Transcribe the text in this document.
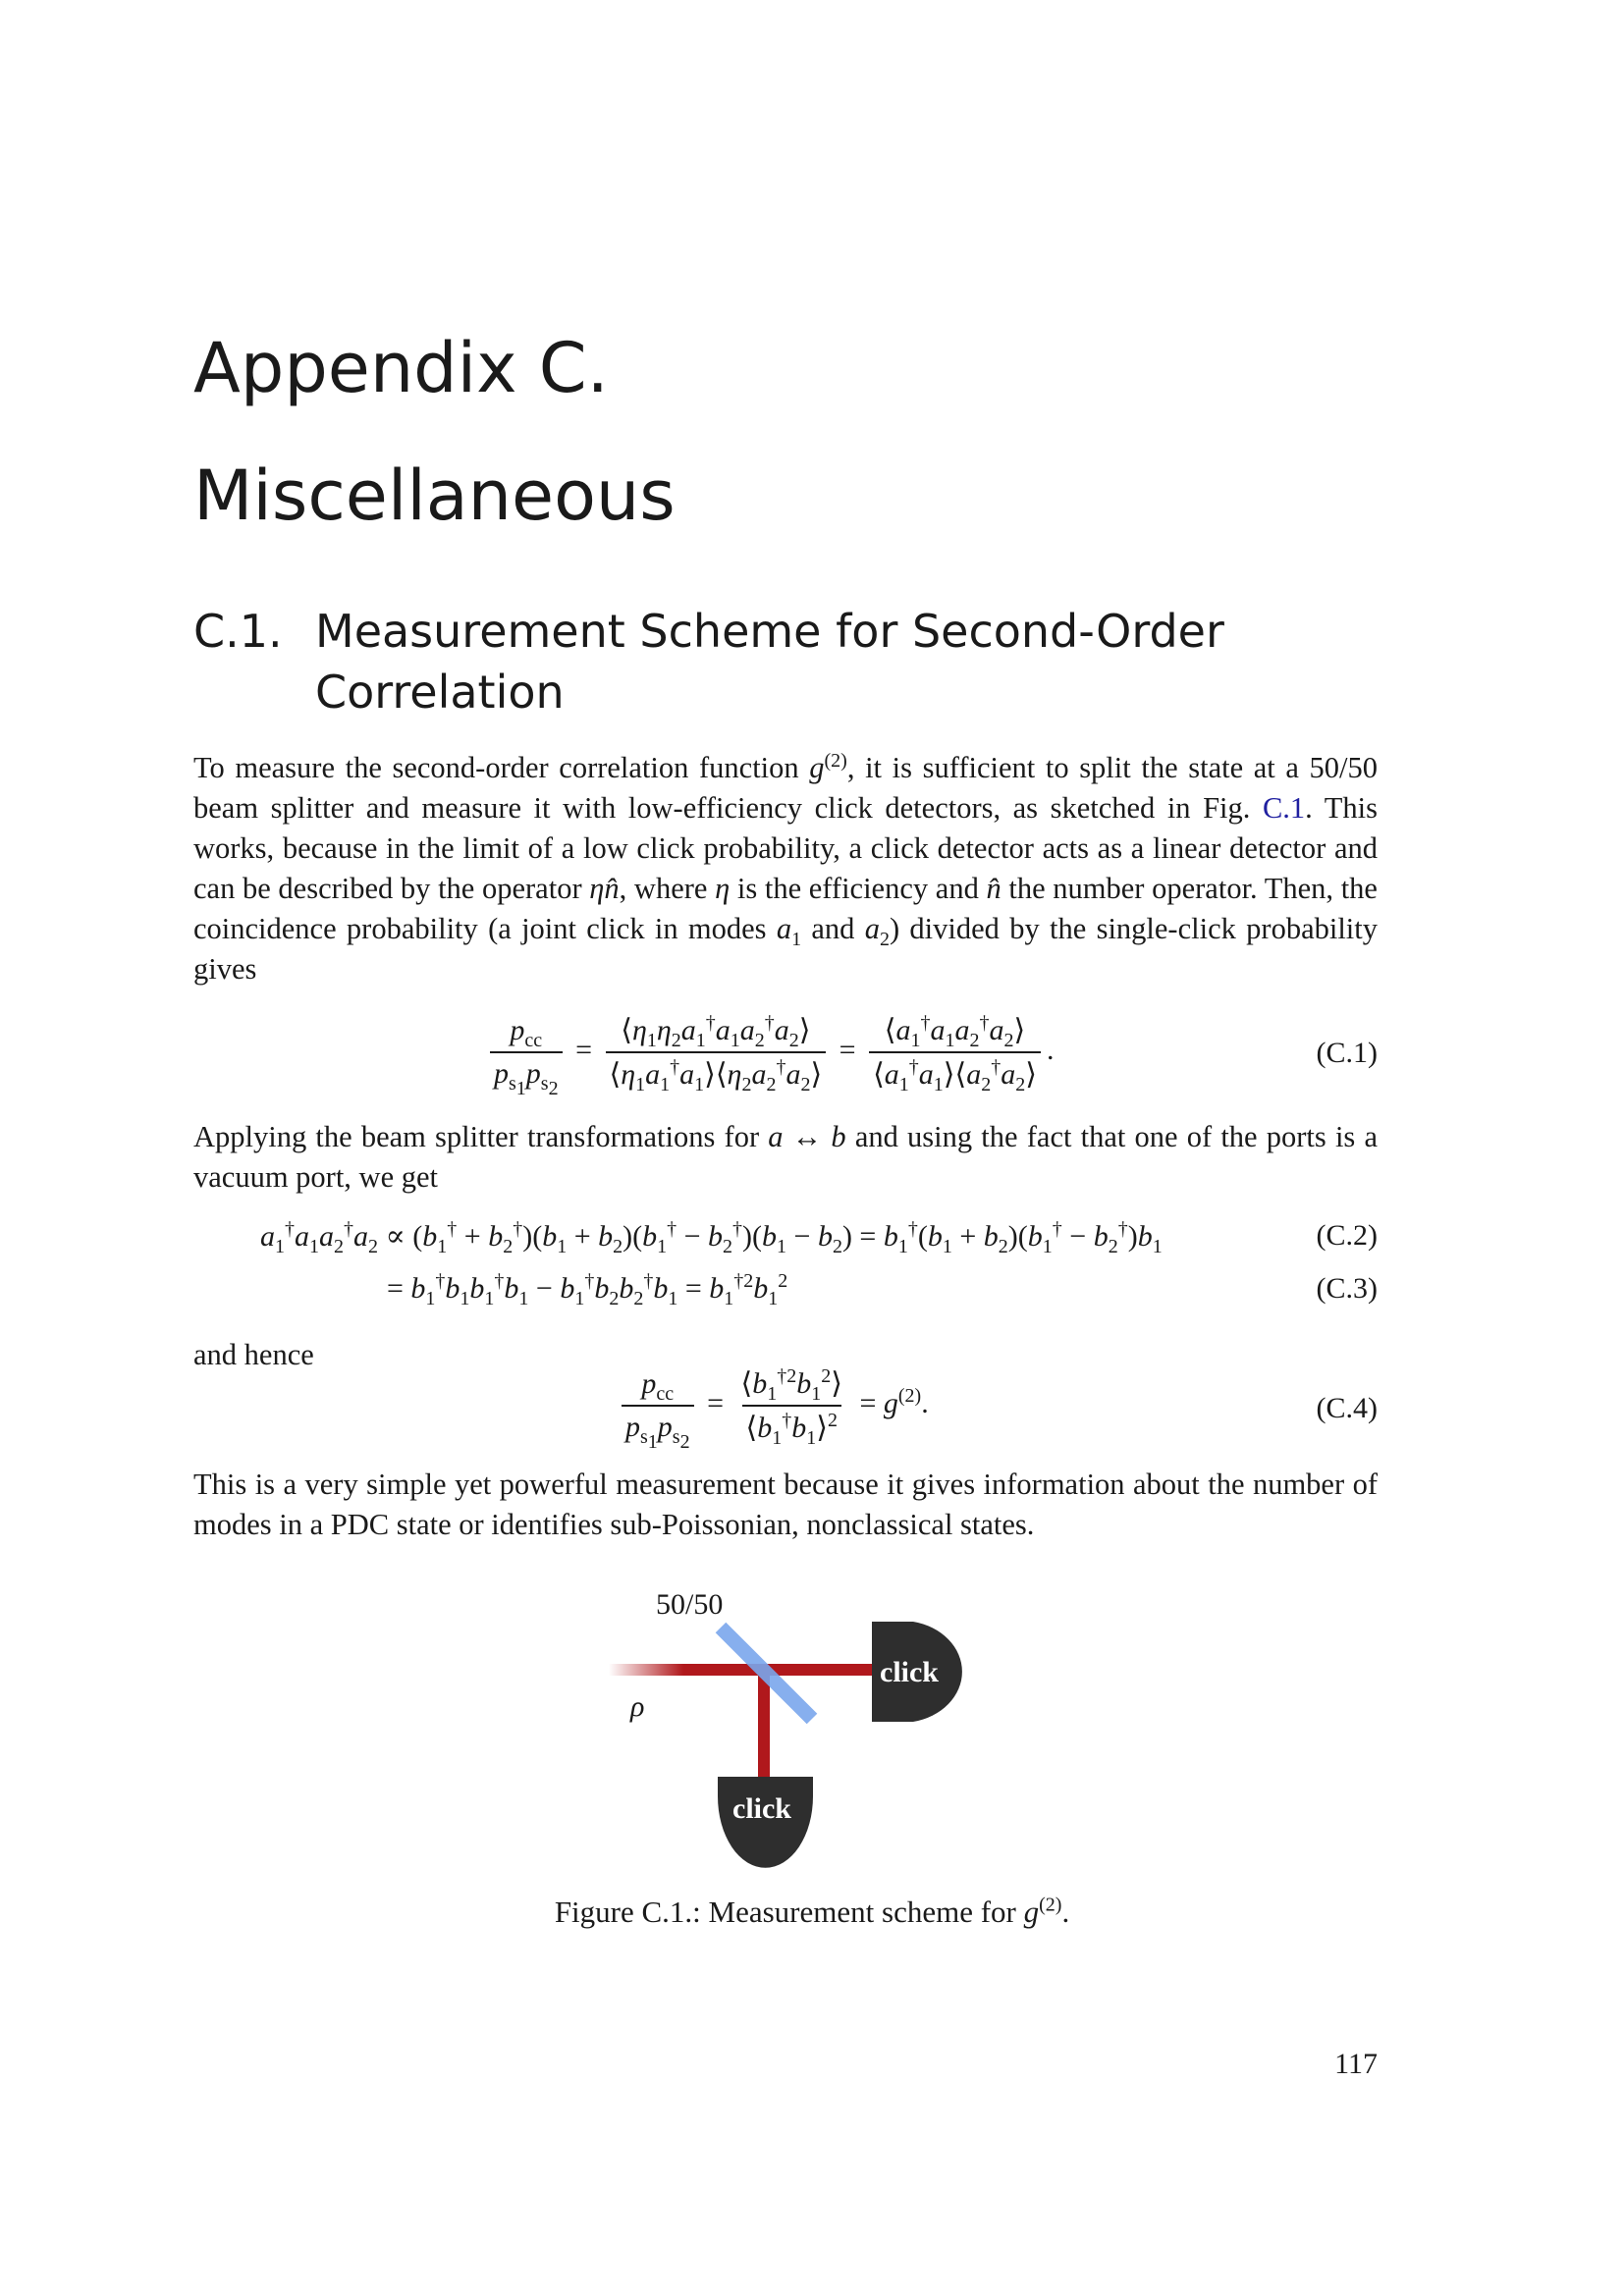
Appendix C.
Miscellaneous
C.1. Measurement Scheme for Second-Order Correlation

To measure the second-order correlation function $g^{(2)}$, it is sufficient to split the state at a 50/50 beam splitter and measure it with low-efficiency click detectors, as sketched in Fig. C.1. This works, because in the limit of a low click probability, a click detector acts as a linear detector and can be described by the operator ηn̂, where η is the efficiency and n̂ the number operator. Then, the coincidence probability (a joint click in modes $a_1$ and $a_2$) divided by the single-click probability gives

$\frac{p_{cc}}{p_{s_1}p_{s_2}} = \frac{⟨\eta_1\eta_2a_1^\dagger a_1a_2^\dagger a_2⟩}{⟨\eta_1a_1^\dagger a_1⟩⟨\eta_2a_2^\dagger a_2⟩} = \frac{⟨a_1^\dagger a_1a_2^\dagger a_2⟩}{⟨a_1^\dagger a_1⟩⟨a_2^\dagger a_2⟩}$ .	(C.1)

Applying the beam splitter transformations for a ↔ b and using the fact that one of the ports is a vacuum port, we get

$a_1^\dagger a_1a_2^\dagger a_2 \propto (b_1^\dagger + b_2^\dagger)(b_1 + b_2)(b_1^\dagger - b_2^\dagger)(b_1 - b_2) = b_1^\dagger(b_1 + b_2)(b_1^\dagger - b_2^\dagger)b_1$	(C.2)
= $b_1^\dagger b_1b_1^\dagger b_1 - b_1^\dagger b_2b_2^\dagger b_1 = b_1^{\dagger 2}b_1^2$	(C.3)

and hence

$\frac{p_{cc}}{p_{s_1}p_{s_2}} = \frac{⟨b_1^{\dagger 2}b_1^2⟩}{⟨b_1^\dagger b_1⟩^2} = g^{(2)}$.	(C.4)

This is a very simple yet powerful measurement because it gives information about the number of modes in a PDC state or identifies sub-Poissonian, nonclassical states.

50/50
ρ
click
click
Figure C.1.: Measurement scheme for $g^{(2)}$.
117
